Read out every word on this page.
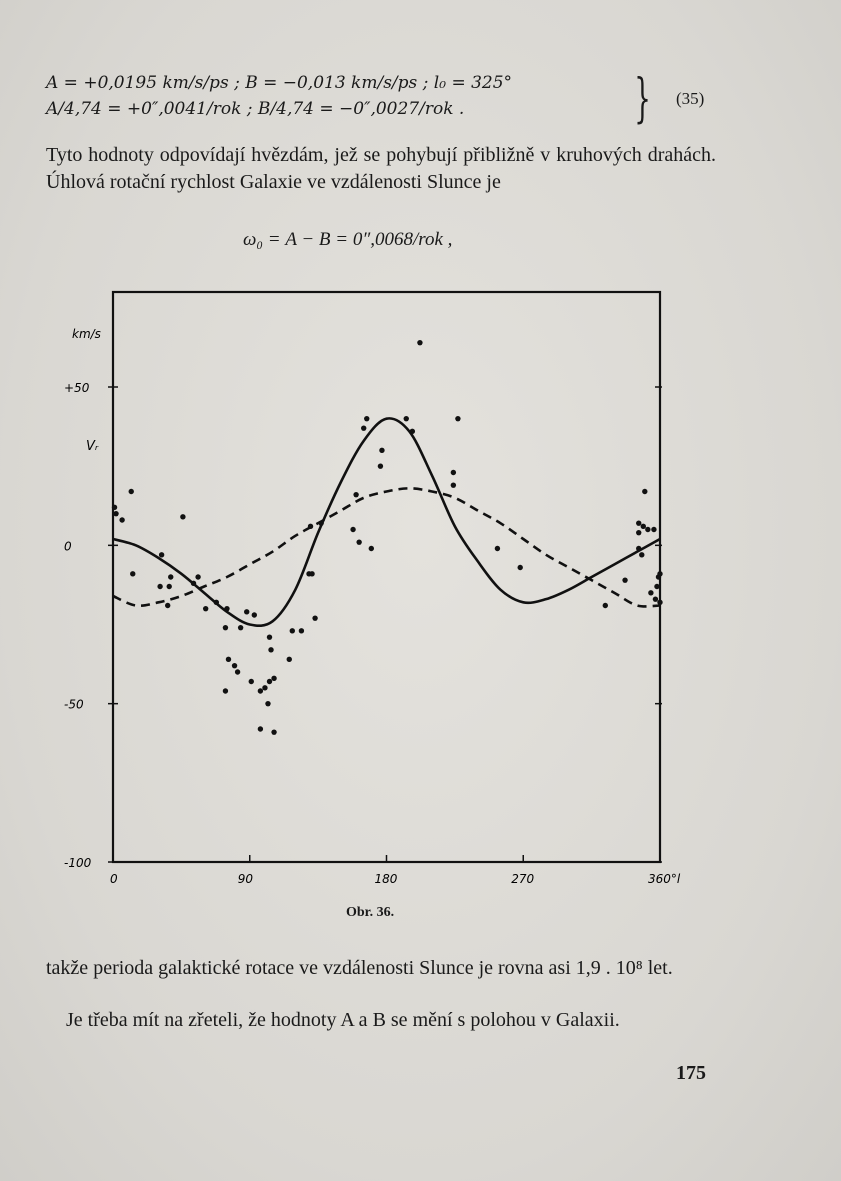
A = +0,0195 km/s/ps ; B = −0,013 km/s/ps ; l₀ = 325°
A/4,74 = +0″,0041/rok ; B/4,74 = −0″,0027/rok .	} (35)
Tyto hodnoty odpovídají hvězdám, jež se pohybují přibližně v kruhových drahách. Úhlová rotační rychlost Galaxie ve vzdálenosti Slunce je
ω₀ = A − B = 0″,0068/rok ,
0	90	180	270	360°l
+50
0
-50
-100
km/s
Vᵣ
Obr. 36.
takže perioda galaktické rotace ve vzdálenosti Slunce je rovna asi 1,9 . 10⁸ let.
Je třeba mít na zřeteli, že hodnoty A a B se mění s polohou v Galaxii.
175
